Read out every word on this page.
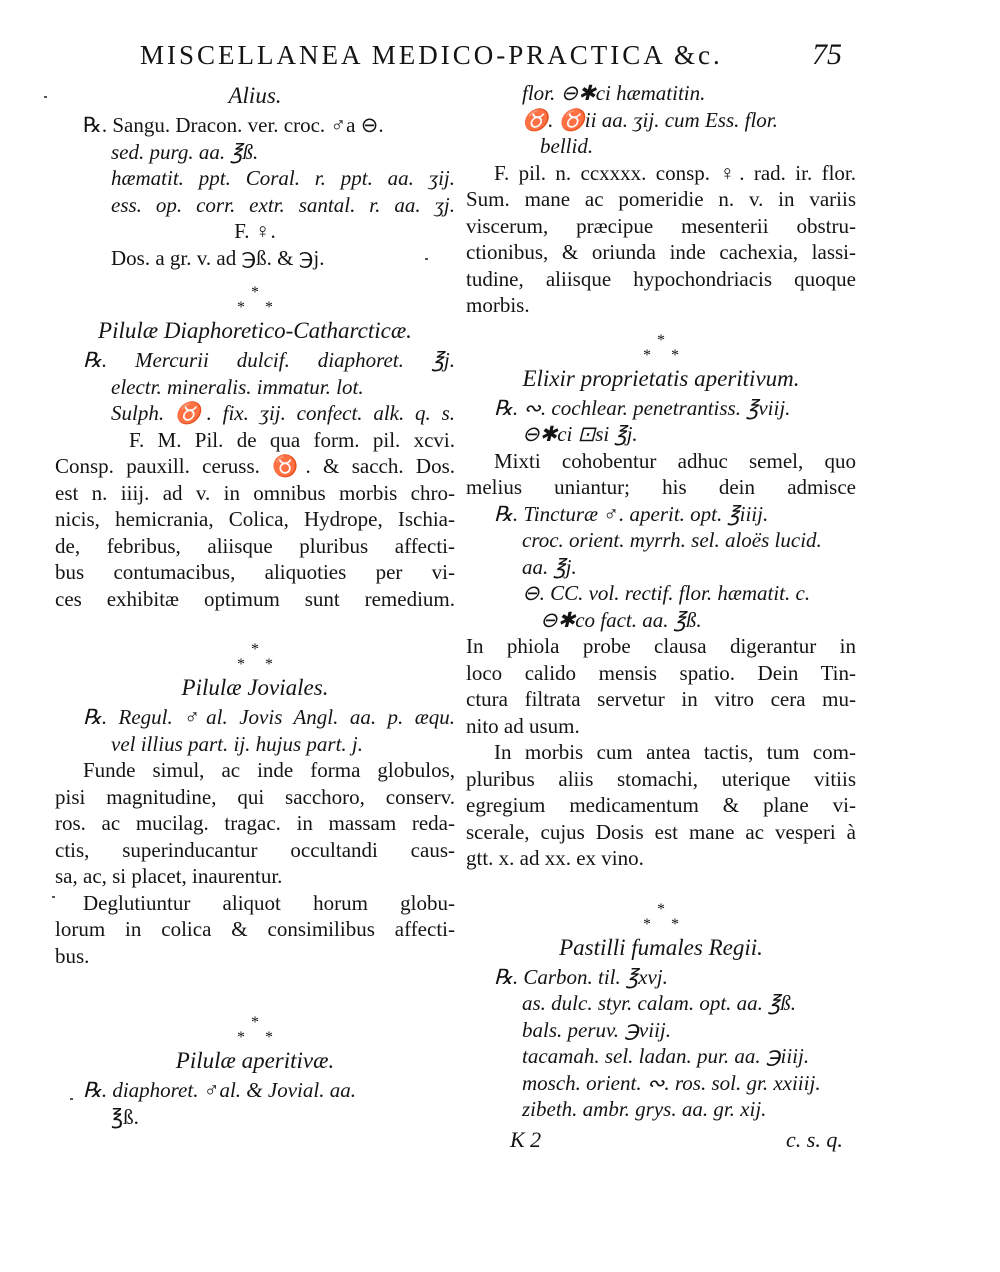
MISCELLANEA MEDICO-PRACTICA &c.	75
Alius.
℞. Sangu. Dracon. ver. croc. ♂a ⊖.
sed. purg. aa. ℥ß.
hæmatit. ppt. Coral. r. ppt. aa. ʒij.
ess. op. corr. extr. santal. r. aa. ʒj.
F. ♀.
Dos. a gr. v. ad ℈ß. & ℈j.
*
*     *
Pilulæ Diaphoretico-Catharcticæ.
℞. Mercurii dulcif. diaphoret. ℥j.
electr. mineralis. immatur. lot.
Sulph. ♉. fix. ʒij. confect. alk. q. s.
F. M. Pil. de qua form. pil. xcvi.
Consp. pauxill. ceruss. ♉. & sacch. Dos.
est n. iiij. ad v. in omnibus morbis chro-
nicis, hemicrania, Colica, Hydrope, Ischia-
de, febribus, aliisque pluribus affecti-
bus contumacibus, aliquoties per vi-
ces exhibitæ optimum sunt remedium.
*
*     *
Pilulæ Joviales.
℞. Regul. ♂al. Jovis Angl. aa. p. æqu.
vel illius part. ij. hujus part. j.
Funde simul, ac inde forma globulos,
pisi magnitudine, qui sacchoro, conserv.
ros. ac mucilag. tragac. in massam reda-
ctis, superinducantur occultandi caus-
sa, ac, si placet, inaurentur.
Deglutiuntur aliquot horum globu-
lorum in colica & consimilibus affecti-
bus.
*
*     *
Pilulæ aperitivæ.
℞. diaphoret. ♂al. & Jovial. aa.
℥ß.
flor. ⊖✱ci hæmatitin.
♉. ♉ii aa. ʒij. cum Ess. flor.
bellid.
F. pil. n. ccxxxx. consp. ♀. rad. ir. flor.
Sum. mane ac pomeridie n. v. in variis
viscerum, præcipue mesenterii obstru-
ctionibus, & oriunda inde cachexia, lassi-
tudine, aliisque hypochondriacis quoque
morbis.
*
*     *
Elixir proprietatis aperitivum.
℞. ∾. cochlear. penetrantiss. ℥viij.
⊖✱ci ⊡si ℥j.
Mixti cohobentur adhuc semel, quo
melius uniantur; his dein admisce
℞. Tincturæ ♂. aperit. opt. ℥iiij.
croc. orient. myrrh. sel. aloës lucid.
aa. ℥j.
⊖. CC. vol. rectif. flor. hæmatit. c.
⊖✱co fact. aa. ℥ß.
In phiola probe clausa digerantur in
loco calido mensis spatio. Dein Tin-
ctura filtrata servetur in vitro cera mu-
nito ad usum.
In morbis cum antea tactis, tum com-
pluribus aliis stomachi, uterique vitiis
egregium medicamentum & plane vi-
scerale, cujus Dosis est mane ac vesperi à
gtt. x. ad xx. ex vino.
*
*     *
Pastilli fumales Regii.
℞. Carbon. til. ℥xvj.
as. dulc. styr. calam. opt. aa. ℥ß.
bals. peruv. ℈viij.
tacamah. sel. ladan. pur. aa. ℈iiij.
mosch. orient. ∾. ros. sol. gr. xxiiij.
zibeth. ambr. grys. aa. gr. xij.
K 2	c. s. q.
